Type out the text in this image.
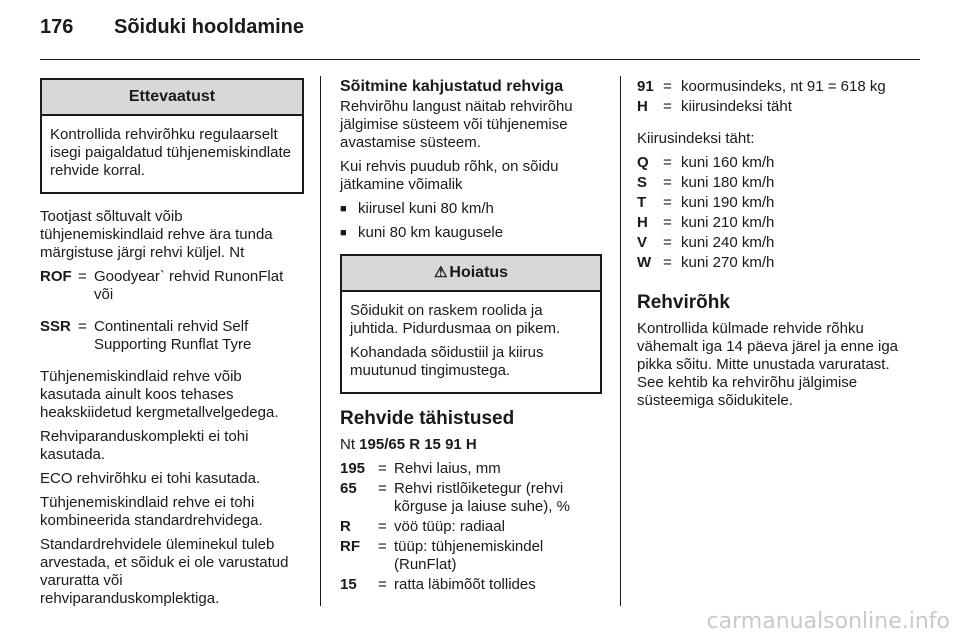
176 Sõiduki hooldamine
Ettevaatust

Kontrollida rehvirõhku regulaarselt isegi paigaldatud tühjenemiskindlate rehvide korral.

Tootjast sõltuvalt võib tühjenemiskindlaid rehve ära tunda märgistuse järgi rehvi küljel. Nt

ROF = Goodyear` rehvid RunonFlat või
SSR = Continentali rehvid Self Supporting Runflat Tyre

Tühjenemiskindlaid rehve võib kasutada ainult koos tehases heakskiidetud kergmetallvelgedega.

Rehviparanduskomplekti ei tohi kasutada.

ECO rehvirõhku ei tohi kasutada.

Tühjenemiskindlaid rehve ei tohi kombineerida standardrehvidega.

Standardrehvidele üleminekul tuleb arvestada, et sõiduk ei ole varustatud varuratta või rehviparanduskomplektiga.

Sõitmine kahjustatud rehviga

Rehvirõhu langust näitab rehvirõhu jälgimise süsteem või tühjenemise avastamise süsteem.

Kui rehvis puudub rõhk, on sõidu jätkamine võimalik

■ kiirusel kuni 80 km/h
■ kuni 80 km kaugusele
⚠ Hoiatus

Sõidukit on raskem roolida ja juhtida. Pidurdusmaa on pikem.

Kohandada sõidustiil ja kiirus muutunud tingimustega.

Rehvide tähistused

Nt 195/65 R 15 91 H

195 = Rehvi laius, mm
65	= Rehvi ristlõiketegur (rehvi kõrguse ja laiuse suhe), %
R	= vöö tüüp: radiaal
RF	= tüüp: tühjenemiskindel (RunFlat)
15	= ratta läbimõõt tollides
91 = koormusindeks, nt 91 = 618 kg
H	= kiirusindeksi täht

Kiirusindeksi täht:

Q = kuni 160 km/h
S	= kuni 180 km/h
T	= kuni 190 km/h
H	= kuni 210 km/h
V	= kuni 240 km/h
W = kuni 270 km/h
Rehvirõhk

Kontrollida külmade rehvide rõhku vähemalt iga 14 päeva järel ja enne iga pikka sõitu. Mitte unustada varuratast. See kehtib ka rehvirõhu jälgimise süsteemiga sõidukitele.

carmanualsonline.info
